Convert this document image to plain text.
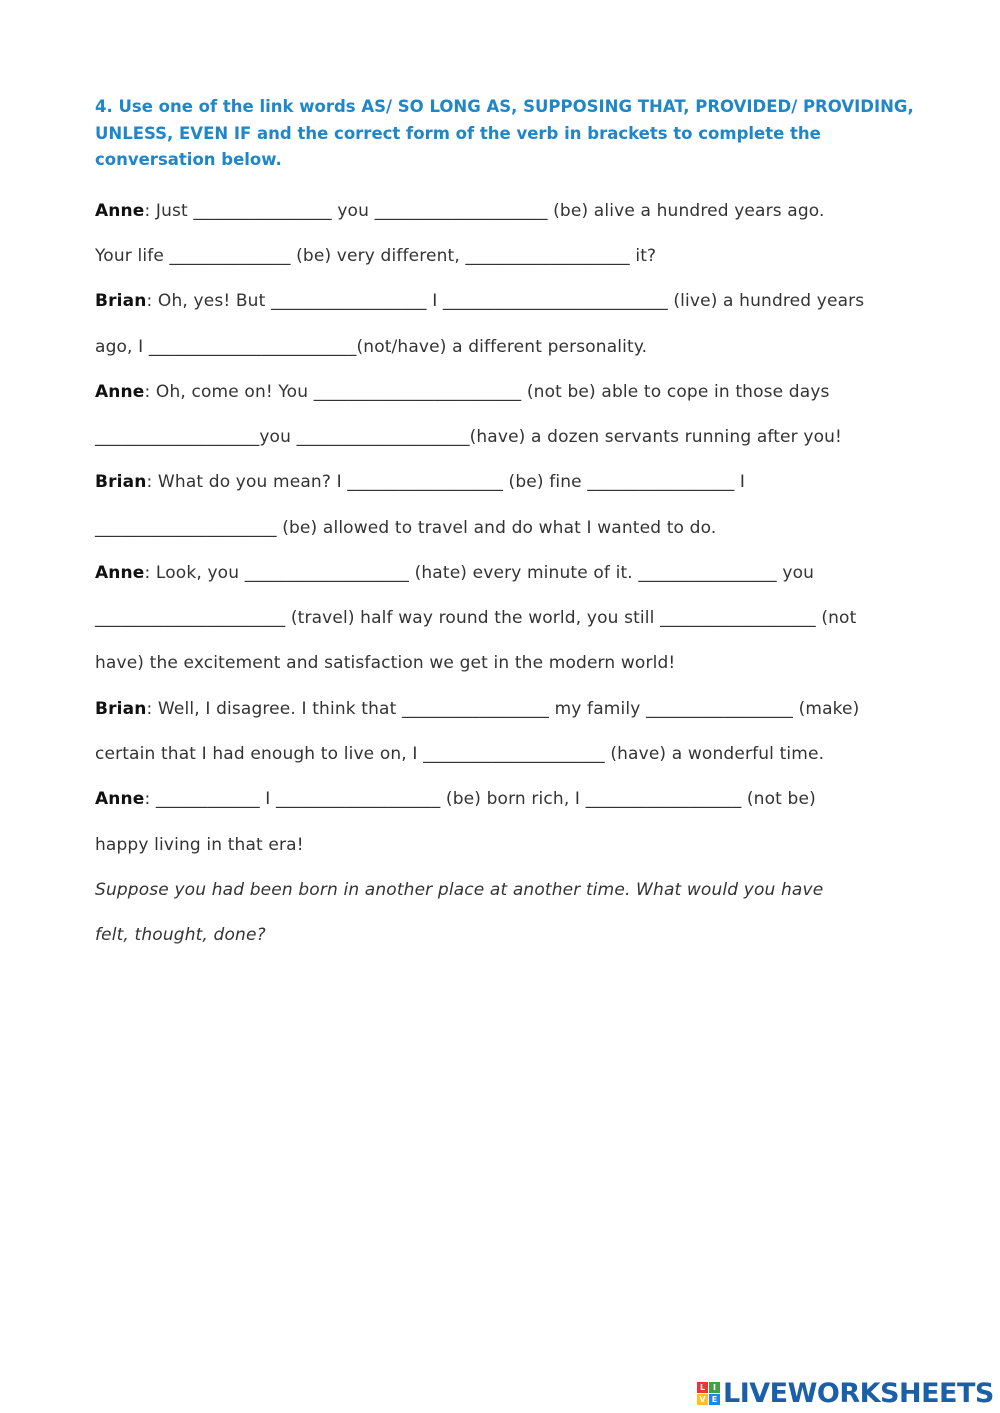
4. Use one of the link words AS/ SO LONG AS, SUPPOSING THAT, PROVIDED/ PROVIDING, UNLESS, EVEN IF and the correct form of the verb in brackets to complete the conversation below.
Anne: Just ________________ you ____________________ (be) alive a hundred years ago.
Your life ______________ (be) very different, ___________________ it?
Brian: Oh, yes! But __________________ I __________________________ (live) a hundred years
ago, I ________________________(not/have) a different personality.
Anne: Oh, come on! You ________________________ (not be) able to cope in those days
___________________you ____________________(have) a dozen servants running after you!
Brian: What do you mean? I __________________ (be) fine _________________ I
_____________________ (be) allowed to travel and do what I wanted to do.
Anne: Look, you ___________________ (hate) every minute of it. ________________ you
______________________ (travel) half way round the world, you still __________________ (not
have) the excitement and satisfaction we get in the modern world!
Brian: Well, I disagree. I think that _________________ my family _________________ (make)
certain that I had enough to live on, I _____________________ (have) a wonderful time.
Anne: ____________ I ___________________ (be) born rich, I __________________ (not be)
happy living in that era!
Suppose you had been born in another place at another time. What would you have
felt, thought, done?
L I
V E LIVEWORKSHEETS
